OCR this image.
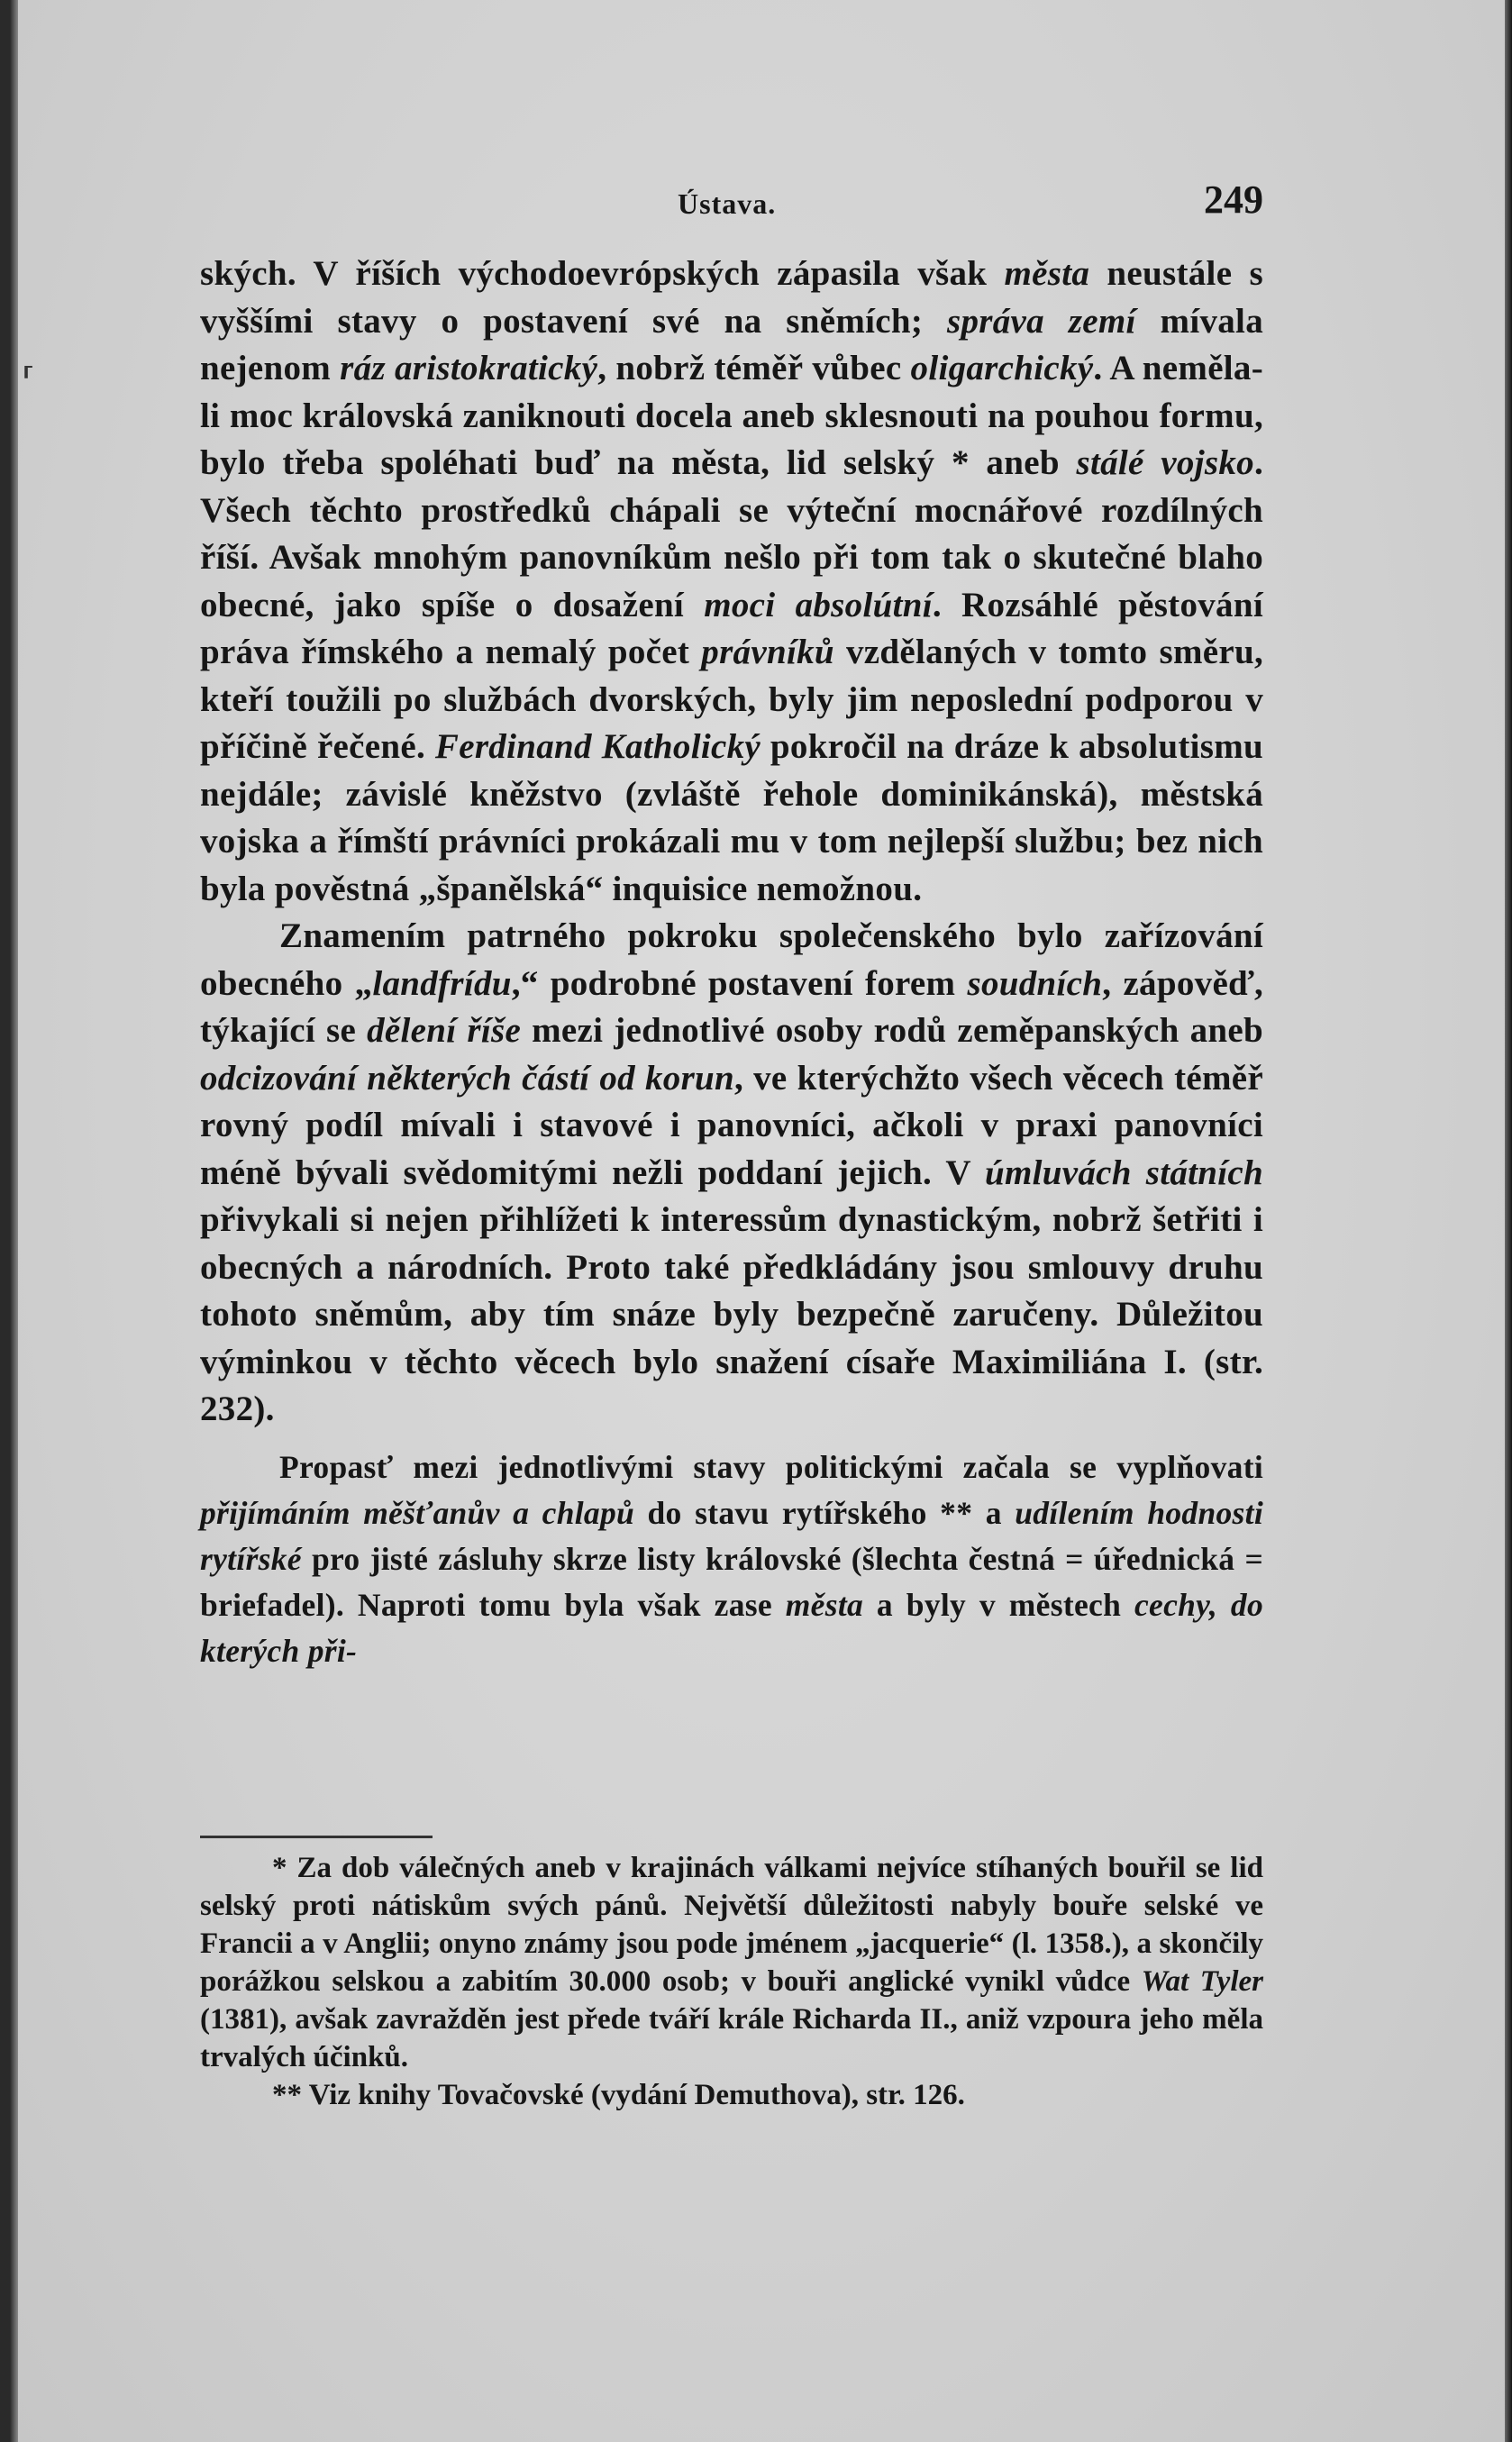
⸢
Ústava.	249

ských. V říších východoevrópských zápasila však města neustále s vyššími stavy o postavení své na sněmích; správa zemí mívala nejenom ráz aristokratický, nobrž téměř vůbec oligarchický. A neměla-li moc královská zaniknouti docela aneb sklesnouti na pouhou formu, bylo třeba spoléhati buď na města, lid selský * aneb stálé vojsko. Všech těchto prostředků chápali se výteční mocnářové rozdílných říší. Avšak mnohým panovníkům nešlo při tom tak o skutečné blaho obecné, jako spíše o dosažení moci absolútní. Rozsáhlé pěstování práva římského a nemalý počet právníků vzdělaných v tomto směru, kteří toužili po službách dvorských, byly jim neposlední podporou v příčině řečené. Ferdinand Katholický pokročil na dráze k absolutismu nejdále; závislé kněžstvo (zvláště řehole dominikánská), městská vojska a římští právníci prokázali mu v tom nejlepší službu; bez nich byla pověstná „španělská“ inquisice nemožnou.

Znamením patrného pokroku společenského bylo zařízování obecného „landfrídu,“ podrobné postavení forem soudních, zápověď, týkající se dělení říše mezi jednotlivé osoby rodů zeměpanských aneb odcizování některých částí od korun, ve kterýchžto všech věcech téměř rovný podíl mívali i stavové i panovníci, ačkoli v praxi panovníci méně bývali svědomitými nežli poddaní jejich. V úmluvách státních přivykali si nejen přihlížeti k interessům dynastickým, nobrž šetřiti i obecných a národních. Proto také předkládány jsou smlouvy druhu tohoto sněmům, aby tím snáze byly bezpečně zaručeny. Důležitou výminkou v těchto věcech bylo snažení císaře Maximiliána I. (str. 232).

Propasť mezi jednotlivými stavy politickými začala se vyplňovati přijímáním měšťanův a chlapů do stavu rytířského ** a udílením hodnosti rytířské pro jisté zásluhy skrze listy královské (šlechta čestná = úřednická = briefadel). Naproti tomu byla však zase města a byly v městech cechy, do kterých při-

* Za dob válečných aneb v krajinách válkami nejvíce stíhaných bouřil se lid selský proti nátiskům svých pánů. Největší důležitosti nabyly bouře selské ve Francii a v Anglii; onyno známy jsou pode jménem „jacquerie“ (l. 1358.), a skončily porážkou selskou a zabitím 30.000 osob; v bouři anglické vynikl vůdce Wat Tyler (1381), avšak zavražděn jest přede tváří krále Richarda II., aniž vzpoura jeho měla trvalých účinků.

** Viz knihy Tovačovské (vydání Demuthova), str. 126.
